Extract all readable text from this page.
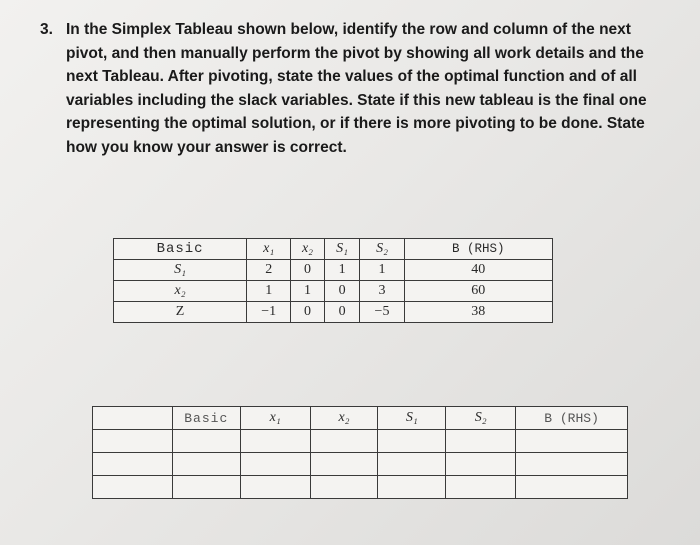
3. In the Simplex Tableau shown below, identify the row and column of the next pivot, and then manually perform the pivot by showing all work details and the next Tableau. After pivoting, state the values of the optimal function and of all variables including the slack variables. State if this new tableau is the final one representing the optimal solution, or if there is more pivoting to be done. State how you know your answer is correct.
Basic	x₁	x₂	S₁	S₂	B (RHS)
S₁	2	0	1	1	40
x₂	1	1	0	3	60
Z	−1	0	0	−5	38
	Basic	x₁	x₂	S₁	S₂	B (RHS)
